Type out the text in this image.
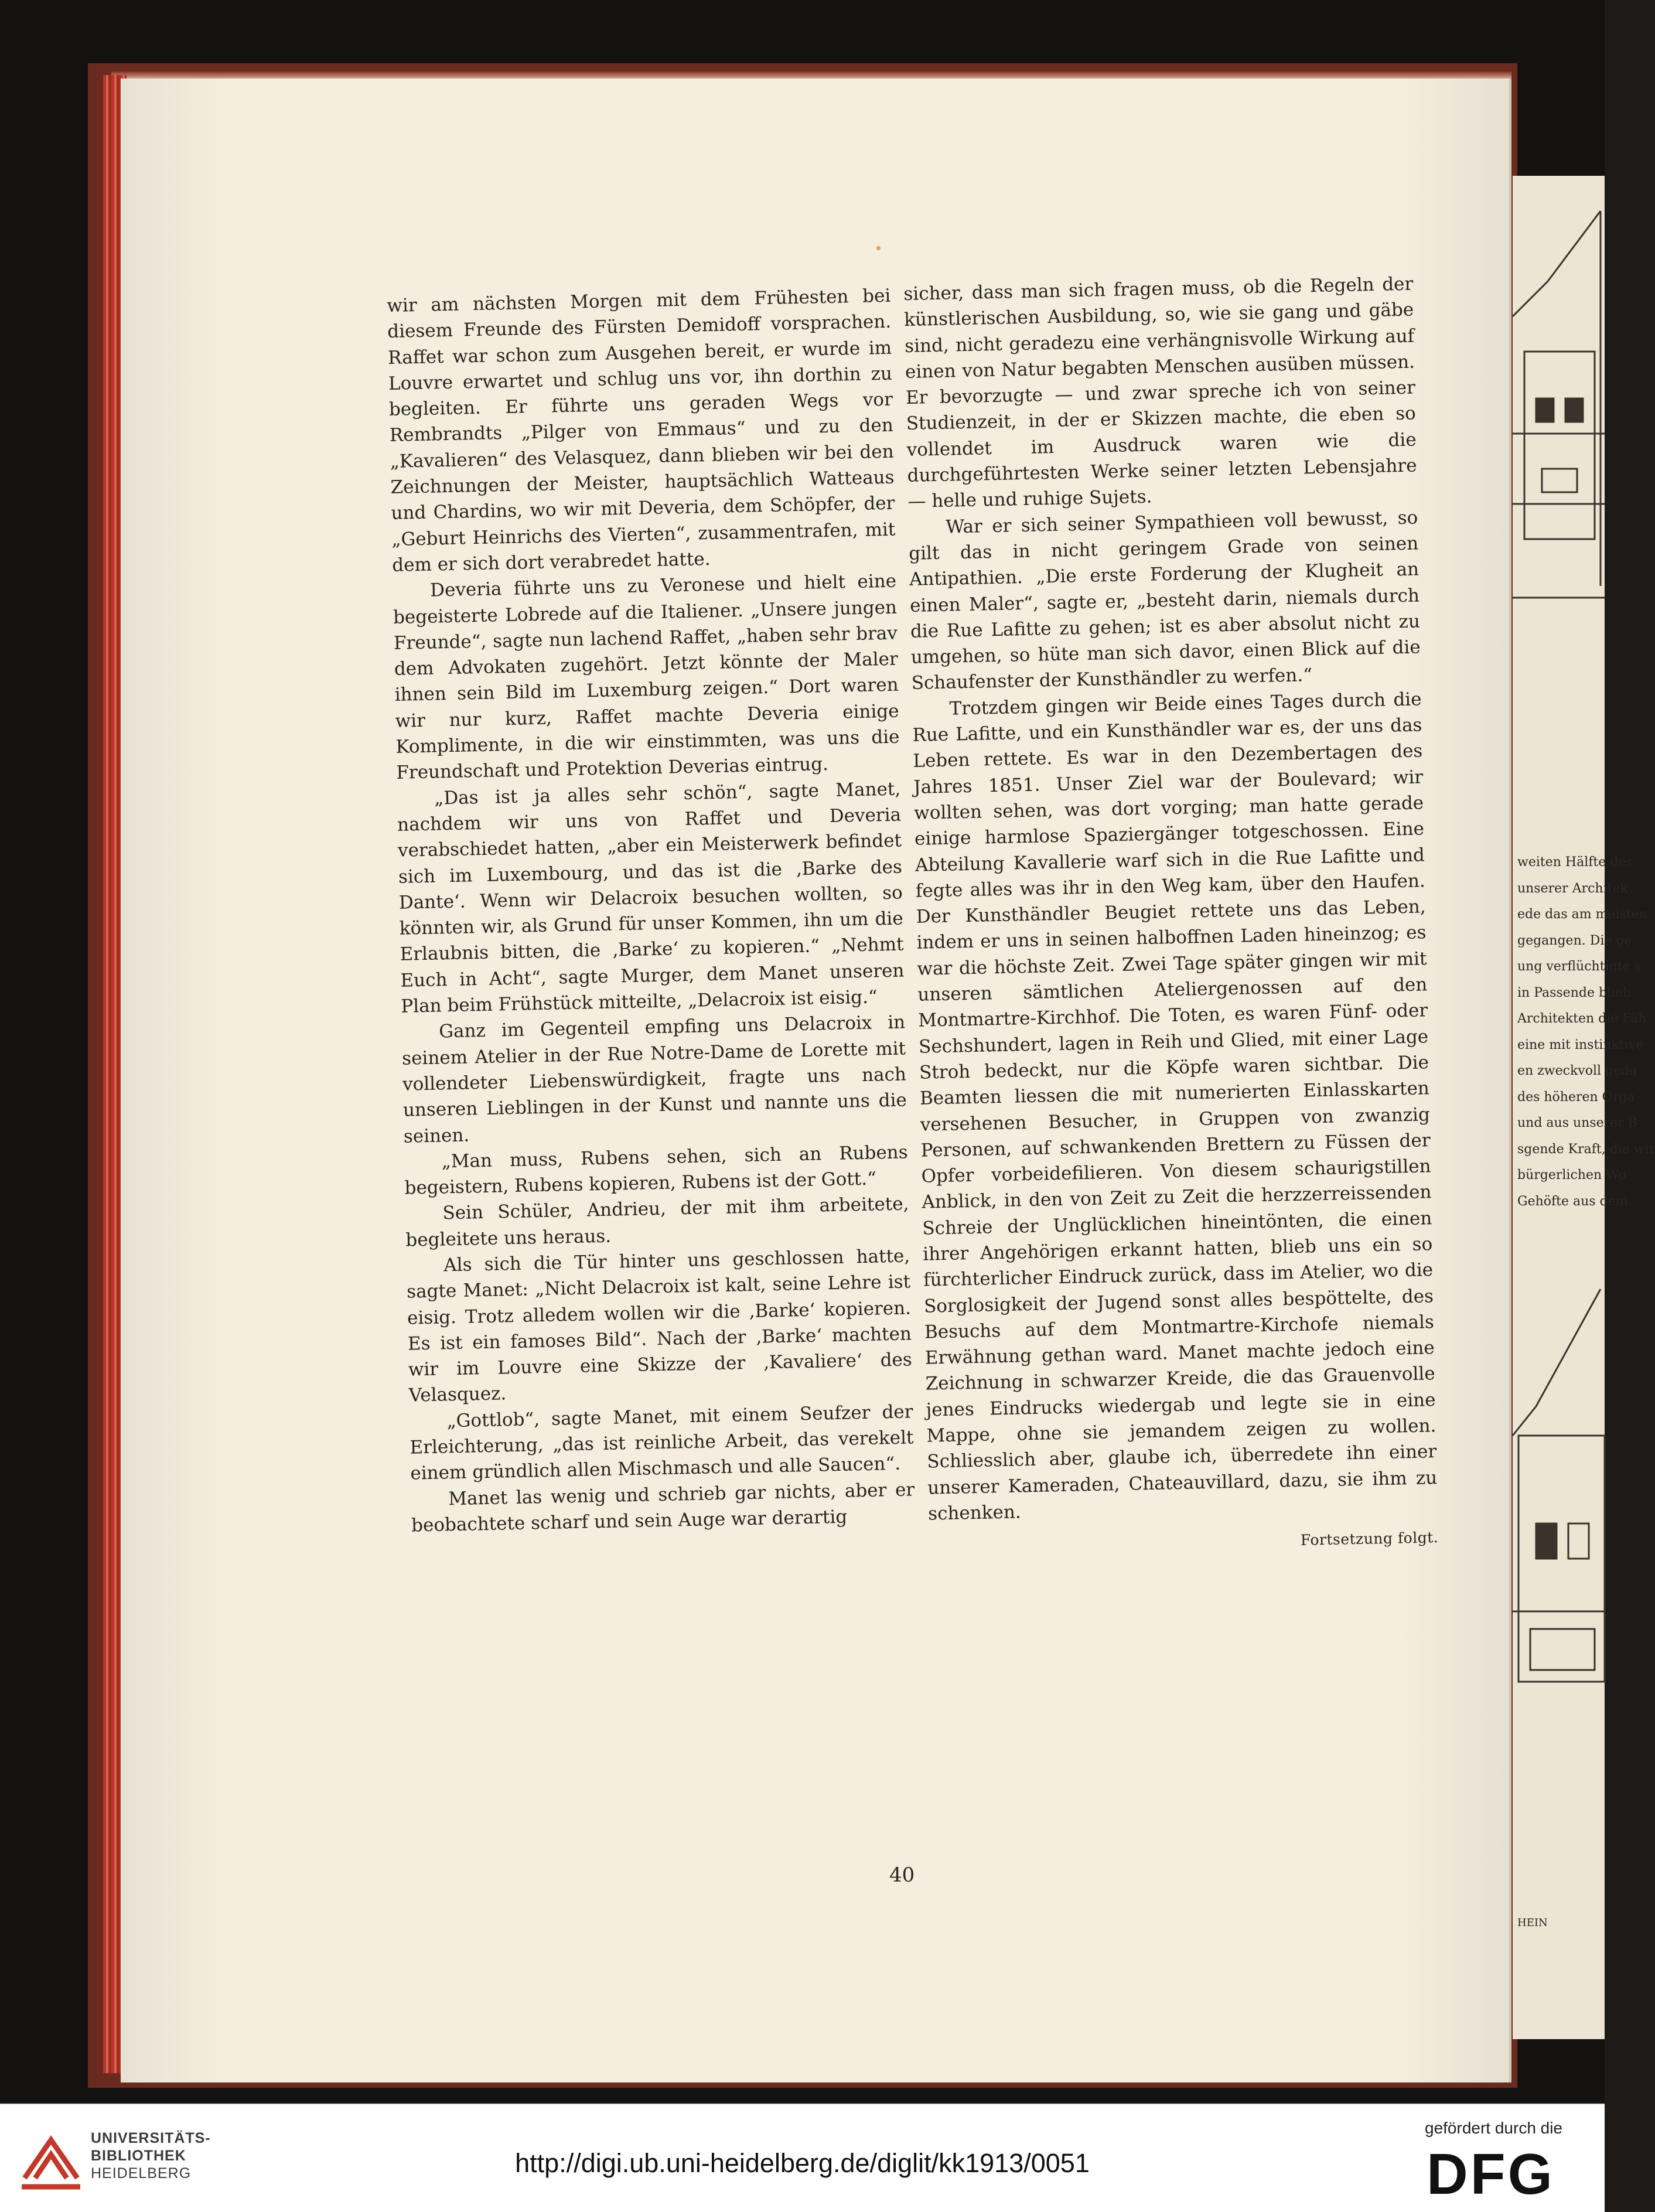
wir am nächsten Morgen mit dem Frühesten bei diesem Freunde des Fürsten Demidoff vorsprachen. Raffet war schon zum Ausgehen bereit, er wurde im Louvre erwartet und schlug uns vor, ihn dorthin zu begleiten. Er führte uns geraden Wegs vor Rembrandts „Pilger von Emmaus“ und zu den „Kavalieren“ des Velasquez, dann blieben wir bei den Zeichnungen der Meister, hauptsächlich Watteaus und Chardins, wo wir mit Deveria, dem Schöpfer, der „Geburt Heinrichs des Vierten“, zusammentrafen, mit dem er sich dort verabredet hatte.

Deveria führte uns zu Veronese und hielt eine begeisterte Lobrede auf die Italiener. „Unsere jungen Freunde“, sagte nun lachend Raffet, „haben sehr brav dem Advokaten zugehört. Jetzt könnte der Maler ihnen sein Bild im Luxemburg zeigen.“ Dort waren wir nur kurz, Raffet machte Deveria einige Komplimente, in die wir einstimmten, was uns die Freundschaft und Protektion Deverias eintrug.

„Das ist ja alles sehr schön“, sagte Manet, nachdem wir uns von Raffet und Deveria verabschiedet hatten, „aber ein Meisterwerk befindet sich im Luxembourg, und das ist die ‚Barke des Dante‘. Wenn wir Delacroix besuchen wollten, so könnten wir, als Grund für unser Kommen, ihn um die Erlaubnis bitten, die ‚Barke‘ zu kopieren.“ „Nehmt Euch in Acht“, sagte Murger, dem Manet unseren Plan beim Frühstück mitteilte, „Delacroix ist eisig.“

Ganz im Gegenteil empfing uns Delacroix in seinem Atelier in der Rue Notre-Dame de Lorette mit vollendeter Liebenswürdigkeit, fragte uns nach unseren Lieblingen in der Kunst und nannte uns die seinen.

„Man muss, Rubens sehen, sich an Rubens begeistern, Rubens kopieren, Rubens ist der Gott.“

Sein Schüler, Andrieu, der mit ihm arbeitete, begleitete uns heraus.

Als sich die Tür hinter uns geschlossen hatte, sagte Manet: „Nicht Delacroix ist kalt, seine Lehre ist eisig. Trotz alledem wollen wir die ‚Barke‘ kopieren. Es ist ein famoses Bild“. Nach der ‚Barke‘ machten wir im Louvre eine Skizze der ‚Kavaliere‘ des Velasquez.

„Gottlob“, sagte Manet, mit einem Seufzer der Erleichterung, „das ist reinliche Arbeit, das verekelt einem gründlich allen Mischmasch und alle Saucen“.

Manet las wenig und schrieb gar nichts, aber er beobachtete scharf und sein Auge war derartig

sicher, dass man sich fragen muss, ob die Regeln der künstlerischen Ausbildung, so, wie sie gang und gäbe sind, nicht geradezu eine verhängnisvolle Wirkung auf einen von Natur begabten Menschen ausüben müssen. Er bevorzugte — und zwar spreche ich von seiner Studienzeit, in der er Skizzen machte, die eben so vollendet im Ausdruck waren wie die durchgeführtesten Werke seiner letzten Lebensjahre — helle und ruhige Sujets.

War er sich seiner Sympathieen voll bewusst, so gilt das in nicht geringem Grade von seinen Antipathien. „Die erste Forderung der Klugheit an einen Maler“, sagte er, „besteht darin, niemals durch die Rue Lafitte zu gehen; ist es aber absolut nicht zu umgehen, so hüte man sich davor, einen Blick auf die Schaufenster der Kunsthändler zu werfen.“

Trotzdem gingen wir Beide eines Tages durch die Rue Lafitte, und ein Kunsthändler war es, der uns das Leben rettete. Es war in den Dezembertagen des Jahres 1851. Unser Ziel war der Boulevard; wir wollten sehen, was dort vorging; man hatte gerade einige harmlose Spaziergänger totgeschossen. Eine Abteilung Kavallerie warf sich in die Rue Lafitte und fegte alles was ihr in den Weg kam, über den Haufen. Der Kunsthändler Beugiet rettete uns das Leben, indem er uns in seinen halboffnen Laden hineinzog; es war die höchste Zeit. Zwei Tage später gingen wir mit unseren sämtlichen Ateliergenossen auf den Montmartre-Kirchhof. Die Toten, es waren Fünf- oder Sechshundert, lagen in Reih und Glied, mit einer Lage Stroh bedeckt, nur die Köpfe waren sichtbar. Die Beamten liessen die mit numerierten Einlasskarten versehenen Besucher, in Gruppen von zwanzig Personen, auf schwankenden Brettern zu Füssen der Opfer vorbeidefilieren. Von diesem schaurigstillen Anblick, in den von Zeit zu Zeit die herzzerreissenden Schreie der Unglücklichen hineintönten, die einen ihrer Angehörigen erkannt hatten, blieb uns ein so fürchterlicher Eindruck zurück, dass im Atelier, wo die Sorglosigkeit der Jugend sonst alles bespöttelte, des Besuchs auf dem Montmartre-Kirchofe niemals Erwähnung gethan ward. Manet machte jedoch eine Zeichnung in schwarzer Kreide, die das Grauenvolle jenes Eindrucks wiedergab und legte sie in eine Mappe, ohne sie jemandem zeigen zu wollen. Schliesslich aber, glaube ich, überredete ihn einer unserer Kameraden, Chateauvillard, dazu, sie ihm zu schenken.

Fortsetzung folgt.

40
weiten Hälfte des
unserer Architek
ede das am meisten
gegangen. Die ge
ung verflüchtigte s
in Passende blieb
Architekten die Fäh
eine mit instinktive
en zweckvoll geda
des höheren Orga
und aus unserer B
sgende Kraft, die wir
bürgerlichen Wo
Gehöfte aus dem
HEIN
UNIVERSITÄTS-
BIBLIOTHEK
HEIDELBERG	http://digi.ub.uni-heidelberg.de/diglit/kk1913/0051
gefördert durch die
DFG
